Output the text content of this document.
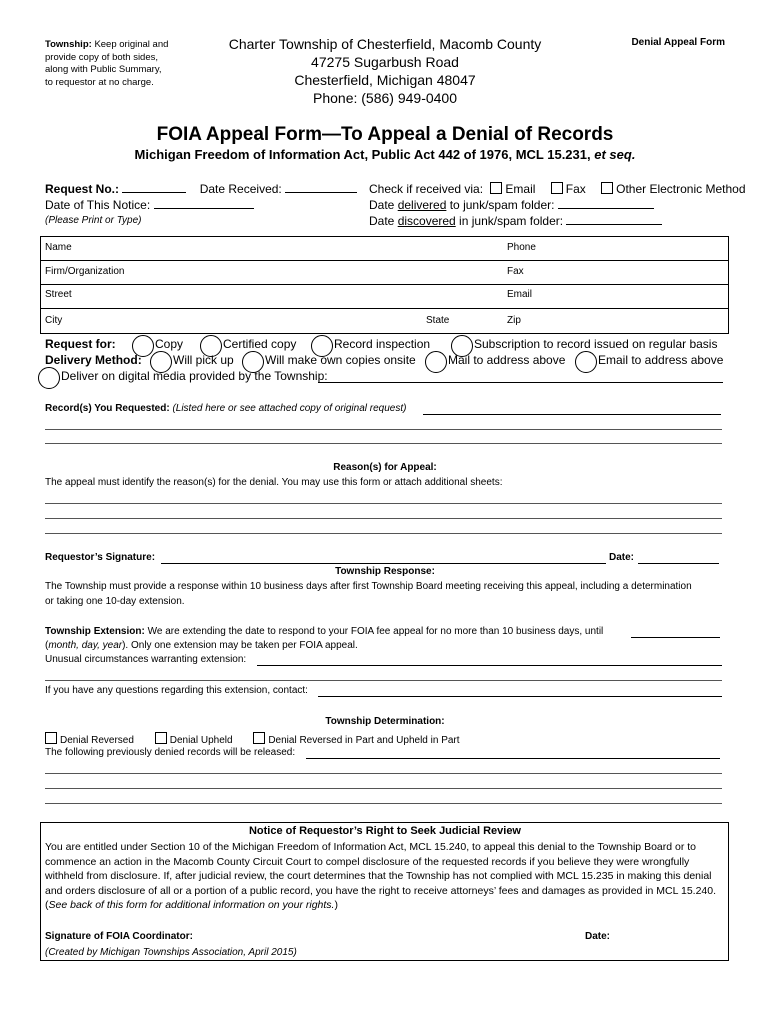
Township: Keep original and
provide copy of both sides,
along with Public Summary,
to requestor at no charge.
Charter Township of Chesterfield, Macomb County
47275 Sugarbush Road
Chesterfield, Michigan 48047
Phone: (586) 949-0400
Denial Appeal Form
FOIA Appeal Form—To Appeal a Denial of Records
Michigan Freedom of Information Act, Public Act 442 of 1976, MCL 15.231, et seq.
Request No.:	Date Received:
Date of This Notice:
(Please Print or Type)
Check if received via: Email	Fax	Other Electronic Method
Date delivered to junk/spam folder:
Date discovered in junk/spam folder:
Name	Phone
Firm/Organization	Fax
Street	Email
City	State	Zip
Request for:	Copy	Certified copy	Record inspection	Subscription to record issued on regular basis
Delivery Method:	Will pick up	Will make own copies onsite	Mail to address above	Email to address above
Deliver on digital media provided by the Township:
Record(s) You Requested: (Listed here or see attached copy of original request)
Reason(s) for Appeal:
The appeal must identify the reason(s) for the denial. You may use this form or attach additional sheets:
Requestor’s Signature:	Date:
Township Response:
The Township must provide a response within 10 business days after first Township Board meeting receiving this appeal, including a determination
or taking one 10-day extension.
Township Extension: We are extending the date to respond to your FOIA fee appeal for no more than 10 business days, until
(month, day, year). Only one extension may be taken per FOIA appeal.
Unusual circumstances warranting extension:
If you have any questions regarding this extension, contact:
Township Determination:
Denial Reversed	Denial Upheld	Denial Reversed in Part and Upheld in Part
The following previously denied records will be released:
Notice of Requestor’s Right to Seek Judicial Review
You are entitled under Section 10 of the Michigan Freedom of Information Act, MCL 15.240, to appeal this denial to the Township Board or to
commence an action in the Macomb County Circuit Court to compel disclosure of the requested records if you believe they were wrongfully
withheld from disclosure. If, after judicial review, the court determines that the Township has not complied with MCL 15.235 in making this denial
and orders disclosure of all or a portion of a public record, you have the right to receive attorneys’ fees and damages as provided in MCL 15.240.
(See back of this form for additional information on your rights.)
Signature of FOIA Coordinator:	Date:
(Created by Michigan Townships Association, April 2015)
